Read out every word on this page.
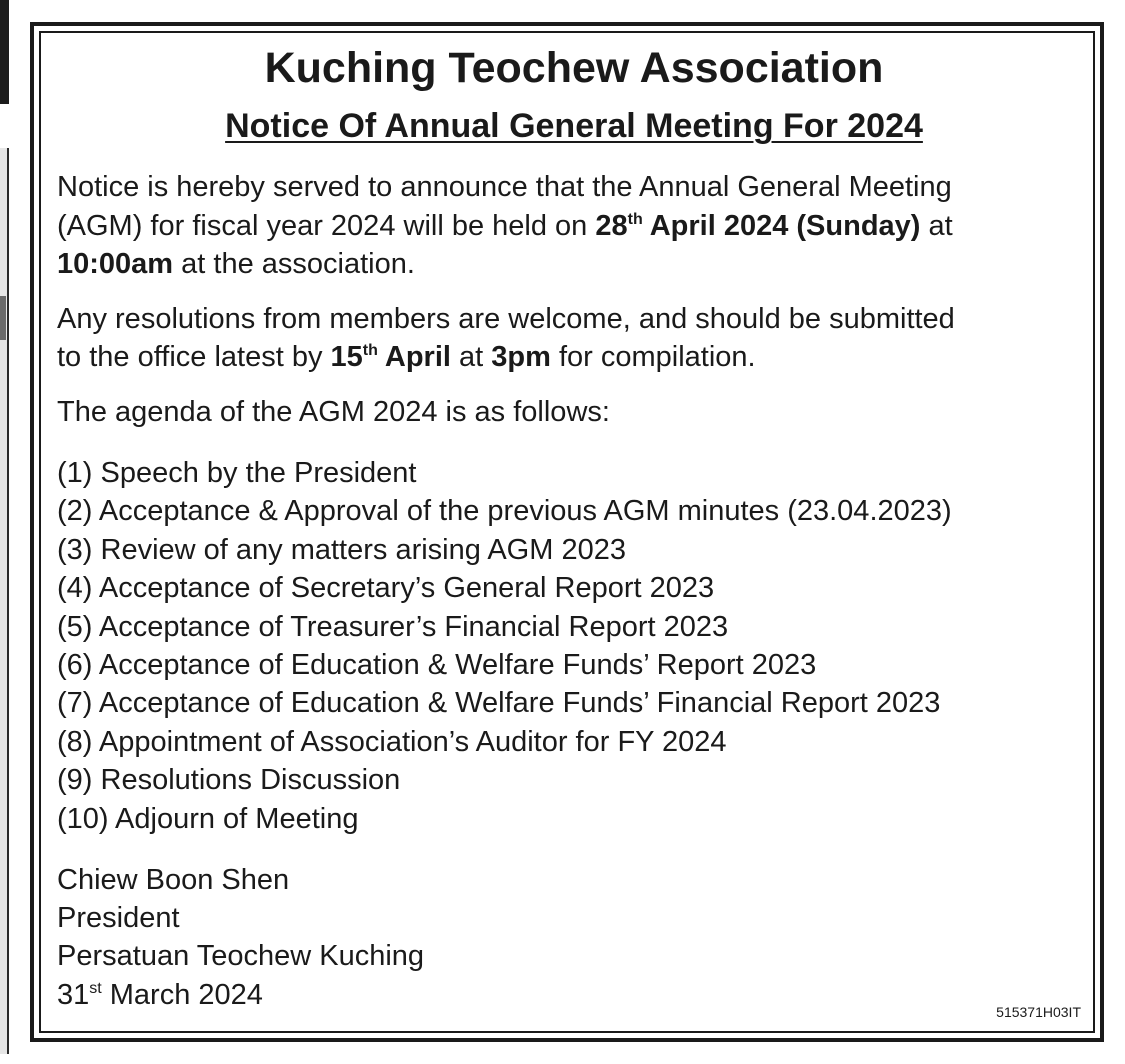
Kuching Teochew Association
Notice Of Annual General Meeting For 2024
Notice is hereby served to announce that the Annual General Meeting
(AGM) for fiscal year 2024 will be held on 28th April 2024 (Sunday) at
10:00am at the association.
Any resolutions from members are welcome, and should be submitted
to the office latest by 15th April at 3pm for compilation.
The agenda of the AGM 2024 is as follows:
(1) Speech by the President
(2) Acceptance & Approval of the previous AGM minutes (23.04.2023)
(3) Review of any matters arising AGM 2023
(4) Acceptance of Secretary’s General Report 2023
(5) Acceptance of Treasurer’s Financial Report 2023
(6) Acceptance of Education & Welfare Funds’ Report 2023
(7) Acceptance of Education & Welfare Funds’ Financial Report 2023
(8) Appointment of Association’s Auditor for FY 2024
(9) Resolutions Discussion
(10) Adjourn of Meeting
Chiew Boon Shen
President
Persatuan Teochew Kuching
31st March 2024
515371H03IT
